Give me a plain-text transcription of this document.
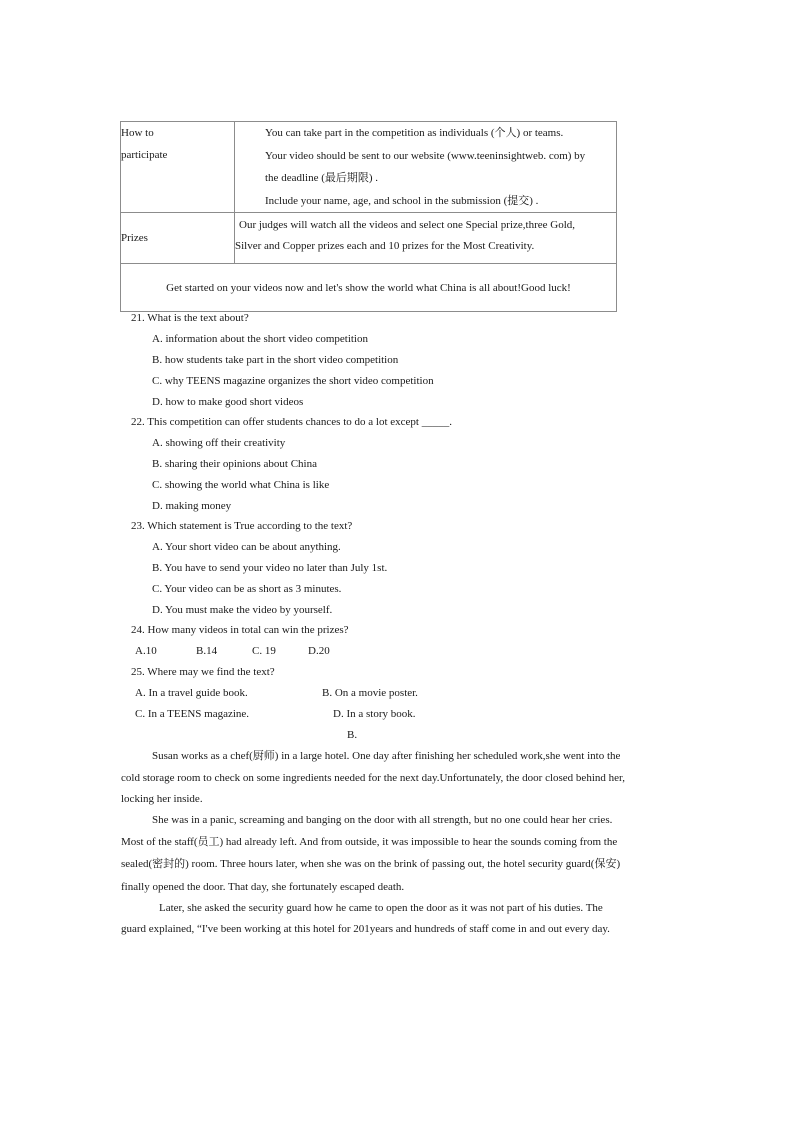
How to
participate	You can take part in the competition as individuals (个人) or teams.
Your video should be sent to our website (www.teeninsightweb. com) by
the deadline (最后期限) .
Include your name, age, and school in the submission (提交) .

Prizes	Our judges will watch all the videos and select one Special prize,three Gold,
Silver and Copper prizes each and 10 prizes for the Most Creativity.

Get started on your videos now and let's show the world what China is all about!Good luck!	
21. What is the text about?
A. information about the short video competition
B. how students take part in the short video competition
C. why TEENS magazine organizes the short video competition
D. how to make good short videos
22. This competition can offer students chances to do a lot except _____.
A. showing off their creativity
B. sharing their opinions about China
C. showing the world what China is like
D. making money
23. Which statement is True according to the text?
A. Your short video can be about anything.
B. You have to send your video no later than July 1st.
C. Your video can be as short as 3 minutes.
D. You must make the video by yourself.
24. How many videos in total can win the prizes?
A.10	B.14	C. 19	D.20
25. Where may we find the text?
A. In a travel guide book.	B. On a movie poster.
C. In a TEENS magazine.	D. In a story book.
B.

Susan works as a chef(厨师) in a large hotel. One day after finishing her scheduled work,she went into the

cold storage room to check on some ingredients needed for the next day.Unfortunately, the door closed behind her,

locking her inside.

She was in a panic, screaming and banging on the door with all strength, but no one could hear her cries.

Most of the staff(员工) had already left. And from outside, it was impossible to hear the sounds coming from the

sealed(密封的) room. Three hours later, when she was on the brink of passing out, the hotel security guard(保安)

finally opened the door. That day, she fortunately escaped death.

Later, she asked the security guard how he came to open the door as it was not part of his duties. The

guard explained, “I've been working at this hotel for 201years and hundreds of staff come in and out every day.
